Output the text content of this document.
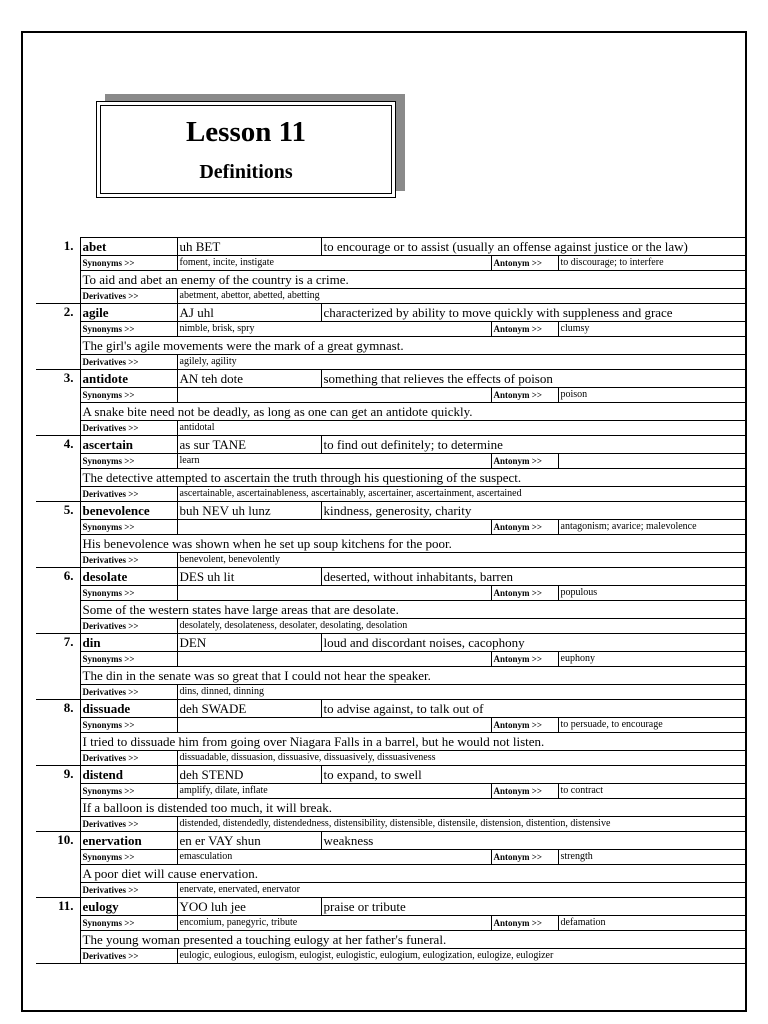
Lesson 11
Definitions
1.	abet	uh BET	to encourage or to assist (usually an offense against justice or the law)		
	Synonyms >>	foment, incite, instigate		Antonym >>	to discourage; to interfere
	To aid and abet an enemy of the country is a crime.				
	Derivatives >>	abetment, abettor, abetted, abetting			
2.	agile	AJ uhl	characterized by ability to move quickly with suppleness and grace		
	Synonyms >>	nimble, brisk, spry		Antonym >>	clumsy
	The girl's agile movements were the mark of a great gymnast.				
	Derivatives >>	agilely, agility			
3.	antidote	AN teh dote	something that relieves the effects of poison		
	Synonyms >>			Antonym >>	poison
	A snake bite need not be deadly, as long as one can get an antidote quickly.				
	Derivatives >>	antidotal			
4.	ascertain	as sur TANE	to find out definitely; to determine		
	Synonyms >>	learn		Antonym >>	
	The detective attempted to ascertain the truth through his questioning of the suspect.				
	Derivatives >>	ascertainable, ascertainableness, ascertainably, ascertainer, ascertainment, ascertained			
5.	benevolence	buh NEV uh lunz	kindness, generosity, charity		
	Synonyms >>			Antonym >>	antagonism; avarice; malevolence
	His benevolence was shown when he set up soup kitchens for the poor.				
	Derivatives >>	benevolent, benevolently			
6.	desolate	DES uh lit	deserted, without inhabitants, barren		
	Synonyms >>			Antonym >>	populous
	Some of the western states have large areas that are desolate.				
	Derivatives >>	desolately, desolateness, desolater, desolating, desolation			
7.	din	DEN	loud and discordant noises, cacophony		
	Synonyms >>			Antonym >>	euphony
	The din in the senate was so great that I could not hear the speaker.				
	Derivatives >>	dins, dinned, dinning			
8.	dissuade	deh SWADE	to advise against, to talk out of		
	Synonyms >>			Antonym >>	to persuade, to encourage
	I tried to dissuade him from going over Niagara Falls in a barrel, but he would not listen.				
	Derivatives >>	dissuadable, dissuasion, dissuasive, dissuasively, dissuasiveness			
9.	distend	deh STEND	to expand, to swell		
	Synonyms >>	amplify, dilate, inflate		Antonym >>	to contract
	If a balloon is distended too much, it will break.				
	Derivatives >>	distended, distendedly, distendedness, distensibility, distensible, distensile, distension, distention, distensive			
10.	enervation	en er VAY shun	weakness		
	Synonyms >>	emasculation		Antonym >>	strength
	A poor diet will cause enervation.				
	Derivatives >>	enervate, enervated, enervator			
11.	eulogy	YOO luh jee	praise or tribute		
	Synonyms >>	encomium, panegyric, tribute		Antonym >>	defamation
	The young woman presented a touching eulogy at her father's funeral.				
	Derivatives >>	eulogic, eulogious, eulogism, eulogist, eulogistic, eulogium, eulogization, eulogize, eulogizer			
